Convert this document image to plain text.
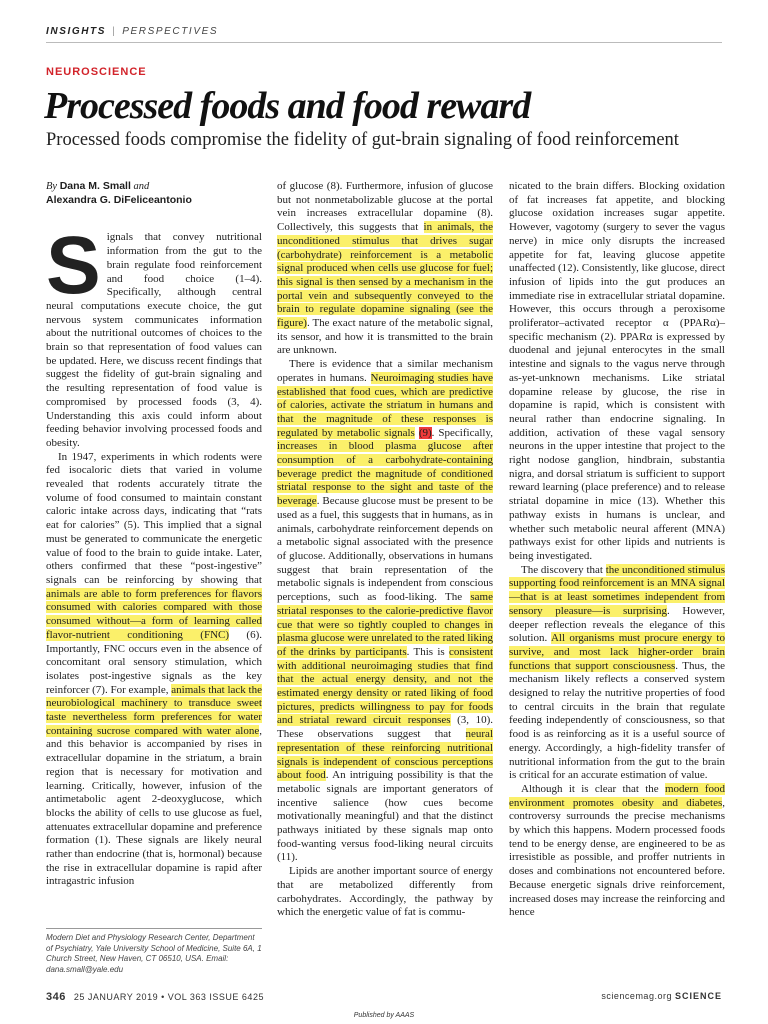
INSIGHTS | PERSPECTIVES
NEUROSCIENCE
Processed foods and food reward
Processed foods compromise the fidelity of gut-brain signaling of food reinforcement
By Dana M. Small and
Alexandra G. DiFeliceantonio

Signals that convey nutritional information from the gut to the brain regulate food reinforcement and food choice (1–4). Specifically, although central neural computations execute choice, the gut nervous system communicates information about the nutritional outcomes of choices to the brain so that representation of food values can be updated. Here, we discuss recent findings that suggest the fidelity of gut-brain signaling and the resulting representation of food value is compromised by processed foods (3, 4). Understanding this axis could inform about feeding behavior involving processed foods and obesity.

In 1947, experiments in which rodents were fed isocaloric diets that varied in volume revealed that rodents accurately titrate the volume of food consumed to maintain constant caloric intake across days, indicating that “rats eat for calories” (5). This implied that a signal must be generated to communicate the energetic value of food to the brain to guide intake. Later, others confirmed that these “post-ingestive” signals can be reinforcing by showing that animals are able to form preferences for flavors consumed with calories compared with those consumed without—a form of learning called flavor-nutrient conditioning (FNC) (6). Importantly, FNC occurs even in the absence of concomitant oral sensory stimulation, which isolates post-ingestive signals as the key reinforcer (7). For example, animals that lack the neurobiological machinery to transduce sweet taste nevertheless form preferences for water containing sucrose compared with water alone, and this behavior is accompanied by rises in extracellular dopamine in the striatum, a brain region that is necessary for motivation and learning. Critically, however, infusion of the antimetabolic agent 2-deoxyglucose, which blocks the ability of cells to use glucose as fuel, attenuates extracellular dopamine and preference formation (1). These signals are likely neural rather than endocrine (that is, hormonal) because the rise in extracellular dopamine is rapid after intragastric infusion

Modern Diet and Physiology Research Center, Department of Psychiatry, Yale University School of Medicine, Suite 6A, 1 Church Street, New Haven, CT 06510, USA. Email: dana.small@yale.edu

of glucose (8). Furthermore, infusion of glucose but not nonmetabolizable glucose at the portal vein increases extracellular dopamine (8). Collectively, this suggests that in animals, the unconditioned stimulus that drives sugar (carbohydrate) reinforcement is a metabolic signal produced when cells use glucose for fuel; this signal is then sensed by a mechanism in the portal vein and subsequently conveyed to the brain to regulate dopamine signaling (see the figure). The exact nature of the metabolic signal, its sensor, and how it is transmitted to the brain are unknown.

There is evidence that a similar mechanism operates in humans. Neuroimaging studies have established that food cues, which are predictive of calories, activate the striatum in humans and that the magnitude of these responses is regulated by metabolic signals (9). Specifically, increases in blood plasma glucose after consumption of a carbohydrate-containing beverage predict the magnitude of conditioned striatal response to the sight and taste of the beverage. Because glucose must be present to be used as a fuel, this suggests that in humans, as in animals, carbohydrate reinforcement depends on a metabolic signal associated with the presence of glucose. Additionally, observations in humans suggest that brain representation of the metabolic signals is independent from conscious perceptions, such as food-liking. The same striatal responses to the calorie-predictive flavor cue that were so tightly coupled to changes in plasma glucose were unrelated to the rated liking of the drinks by participants. This is consistent with additional neuroimaging studies that find that the actual energy density, and not the estimated energy density or rated liking of food pictures, predicts willingness to pay for foods and striatal reward circuit responses (3, 10). These observations suggest that neural representation of these reinforcing nutritional signals is independent of conscious perceptions about food. An intriguing possibility is that the metabolic signals are important generators of incentive salience (how cues become motivationally meaningful) and that the distinct pathways initiated by these signals map onto food-wanting versus food-liking neural circuits (11).

Lipids are another important source of energy that are metabolized differently from carbohydrates. Accordingly, the pathway by which the energetic value of fat is commu-

nicated to the brain differs. Blocking oxidation of fat increases fat appetite, and blocking glucose oxidation increases sugar appetite. However, vagotomy (surgery to sever the vagus nerve) in mice only disrupts the increased appetite for fat, leaving glucose appetite unaffected (12). Consistently, like glucose, direct infusion of lipids into the gut produces an immediate rise in extracellular striatal dopamine. However, this occurs through a peroxisome proliferator–activated receptor α (PPARα)–specific mechanism (2). PPARα is expressed by duodenal and jejunal enterocytes in the small intestine and signals to the vagus nerve through as-yet-unknown mechanisms. Like striatal dopamine release by glucose, the rise in dopamine is rapid, which is consistent with neural rather than endocrine signaling. In addition, activation of these vagal sensory neurons in the upper intestine that project to the right nodose ganglion, hindbrain, substantia nigra, and dorsal striatum is sufficient to support reward learning (place preference) and to release striatal dopamine in mice (13). Whether this pathway exists in humans is unclear, and whether such metabolic neural afferent (MNA) pathways exist for other lipids and nutrients is being investigated.

The discovery that the unconditioned stimulus supporting food reinforcement is an MNA signal—that is at least sometimes independent from sensory pleasure—is surprising. However, deeper reflection reveals the elegance of this solution. All organisms must procure energy to survive, and most lack higher-order brain functions that support consciousness. Thus, the mechanism likely reflects a conserved system designed to relay the nutritive properties of food to central circuits in the brain that regulate feeding independently of consciousness, so that food is as reinforcing as it is a useful source of energy. Accordingly, a high-fidelity transfer of nutritional information from the gut to the brain is critical for an accurate estimation of value.

Although it is clear that the modern food environment promotes obesity and diabetes, controversy surrounds the precise mechanisms by which this happens. Modern processed foods tend to be energy dense, are engineered to be as irresistible as possible, and proffer nutrients in doses and combinations not encountered before. Because energetic signals drive reinforcement, increased doses may increase the reinforcing and hence

346 25 JANUARY 2019 • VOL 363 ISSUE 6425	sciencemag.org SCIENCE
Published by AAAS
